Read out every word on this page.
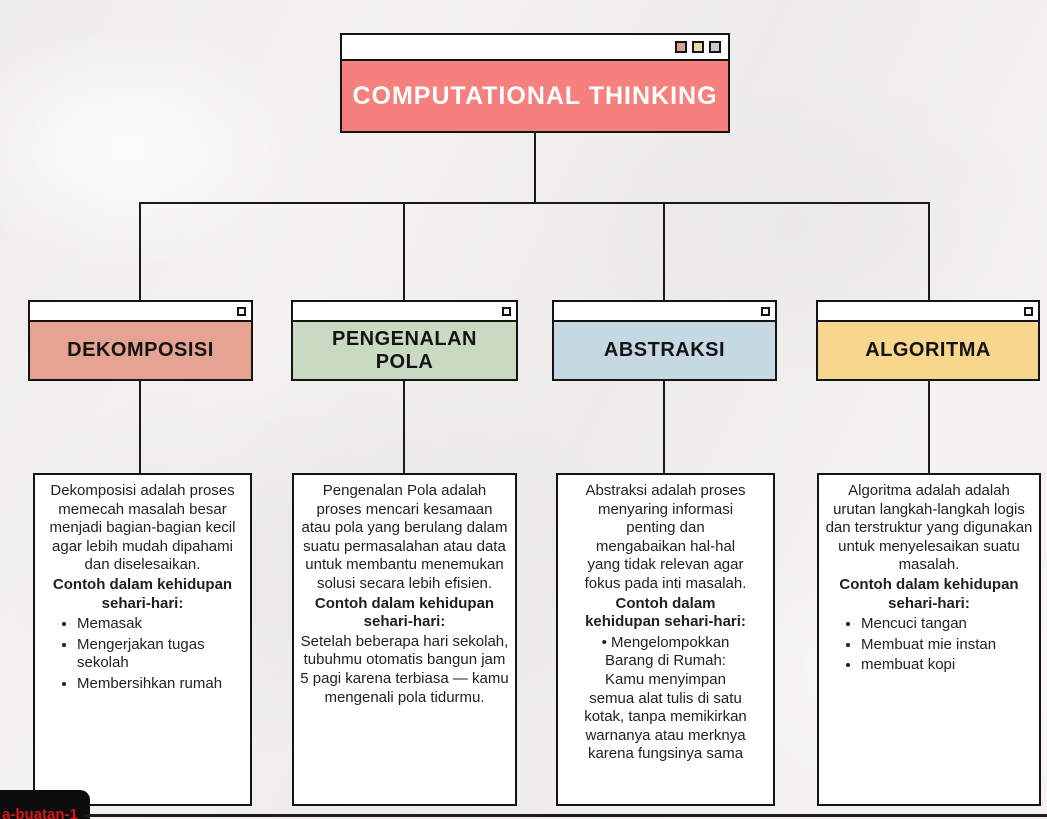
COMPUTATIONAL THINKING
DEKOMPOSISI
PENGENALAN POLA
ABSTRAKSI	ALGORITMA

Dekomposisi adalah proses memecah masalah besar menjadi bagian-bagian kecil agar lebih mudah dipahami dan diselesaikan.

Contoh dalam kehidupan sehari-hari:

• Memasak
• Mengerjakan tugas sekolah
• Membersihkan rumah

Pengenalan Pola adalah proses mencari kesamaan atau pola yang berulang dalam suatu permasalahan atau data untuk membantu menemukan solusi secara lebih efisien.

Contoh dalam kehidupan sehari-hari:

Setelah beberapa hari sekolah, tubuhmu otomatis bangun jam 5 pagi karena terbiasa — kamu mengenali pola tidurmu.

Abstraksi adalah proses menyaring informasi penting dan mengabaikan hal-hal yang tidak relevan agar fokus pada inti masalah.

Contoh dalam kehidupan sehari-hari:

• Mengelompokkan Barang di Rumah: Kamu menyimpan semua alat tulis di satu kotak, tanpa memikirkan warnanya atau merknya karena fungsinya sama

Algoritma adalah adalah urutan langkah-langkah logis dan terstruktur yang digunakan untuk menyelesaikan suatu masalah.

Contoh dalam kehidupan sehari-hari:

• Mencuci tangan
• Membuat mie instan
• membuat kopi
a-buatan-1
